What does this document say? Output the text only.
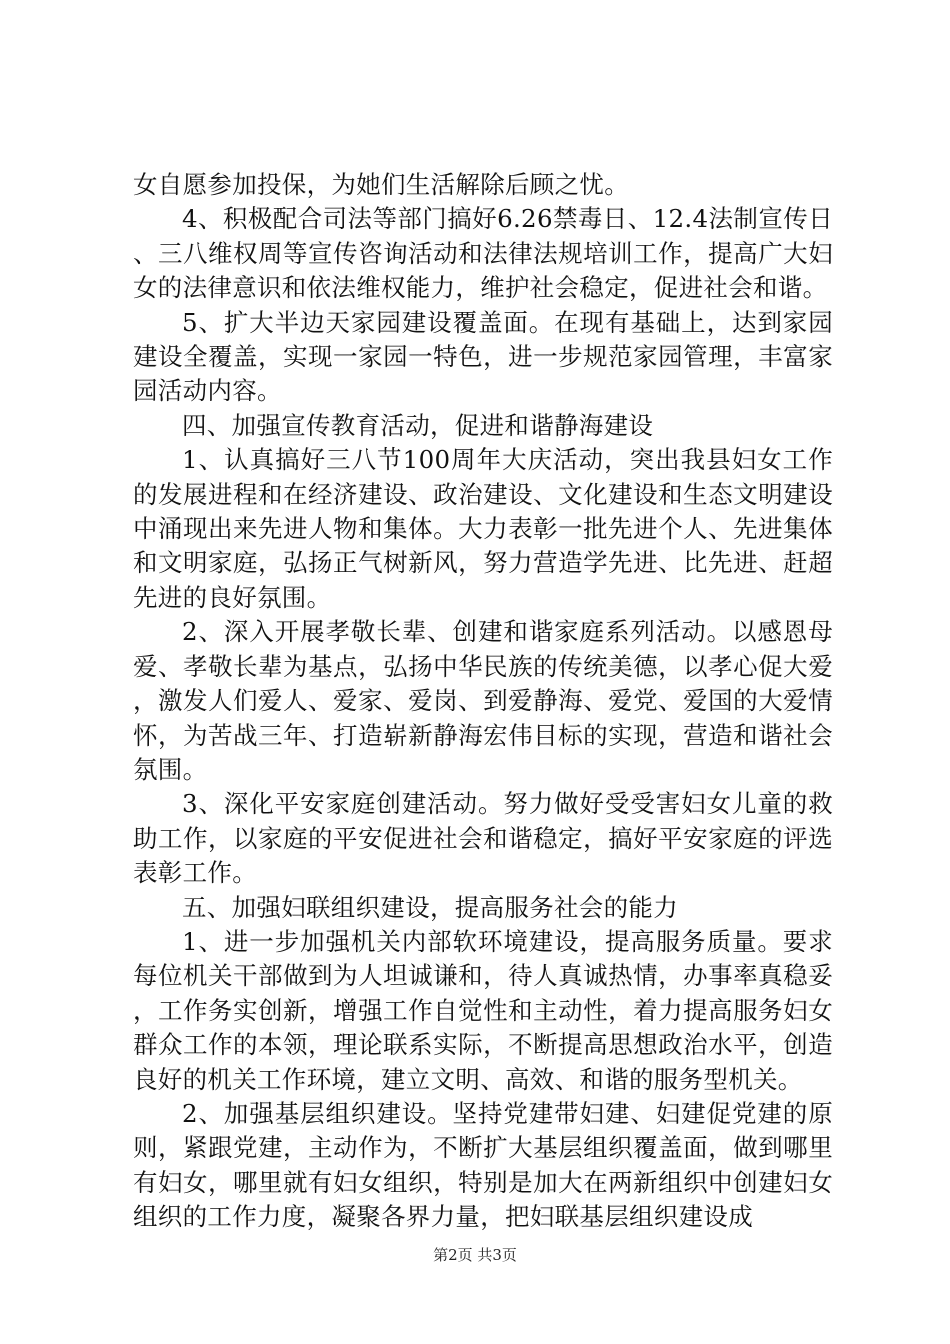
女自愿参加投保，为她们生活解除后顾之忧。

4、积极配合司法等部门搞好6.26禁毒日、12.4法制宣传日、三八维权周等宣传咨询活动和法律法规培训工作，提高广大妇女的法律意识和依法维权能力，维护社会稳定，促进社会和谐。

5、扩大半边天家园建设覆盖面。在现有基础上，达到家园建设全覆盖，实现一家园一特色，进一步规范家园管理，丰富家园活动内容。

四、加强宣传教育活动，促进和谐静海建设

1、认真搞好三八节100周年大庆活动，突出我县妇女工作的发展进程和在经济建设、政治建设、文化建设和生态文明建设中涌现出来先进人物和集体。大力表彰一批先进个人、先进集体和文明家庭，弘扬正气树新风，努力营造学先进、比先进、赶超先进的良好氛围。

2、深入开展孝敬长辈、创建和谐家庭系列活动。以感恩母爱、孝敬长辈为基点，弘扬中华民族的传统美德，以孝心促大爱，激发人们爱人、爱家、爱岗、到爱静海、爱党、爱国的大爱情怀，为苦战三年、打造崭新静海宏伟目标的实现，营造和谐社会氛围。

3、深化平安家庭创建活动。努力做好受受害妇女儿童的救助工作，以家庭的平安促进社会和谐稳定，搞好平安家庭的评选表彰工作。

五、加强妇联组织建设，提高服务社会的能力

1、进一步加强机关内部软环境建设，提高服务质量。要求每位机关干部做到为人坦诚谦和，待人真诚热情，办事率真稳妥，工作务实创新，增强工作自觉性和主动性，着力提高服务妇女群众工作的本领，理论联系实际，不断提高思想政治水平，创造良好的机关工作环境，建立文明、高效、和谐的服务型机关。

2、加强基层组织建设。坚持党建带妇建、妇建促党建的原则，紧跟党建，主动作为，不断扩大基层组织覆盖面，做到哪里有妇女，哪里就有妇女组织，特别是加大在两新组织中创建妇女组织的工作力度，凝聚各界力量，把妇联基层组织建设成

第2页 共3页
